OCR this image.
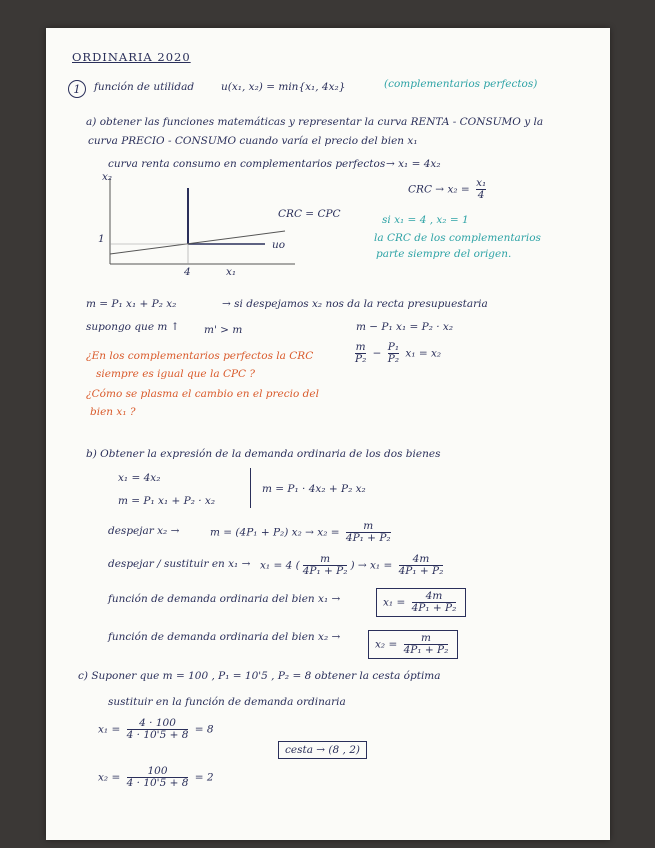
ORDINARIA 2020
1	función de utilidad	u(x₁, x₂) = min{x₁, 4x₂}	(complementarios perfectos)
a) obtener las funciones matemáticas y representar la curva RENTA - CONSUMO y la
curva PRECIO - CONSUMO cuando varía el precio del bien x₁
curva renta consumo en complementarios perfectos → x₁ = 4x₂
CRC → $x_2 = \frac{\text{x₁}}{4}$
x₂
x₁
1
4
CRC = CPC
uo
si x₁ = 4 , x₂ = 1
la CRC de los complementarios
parte siempre del origen.
m = P₁ x₁ + P₂ x₂	→ si despejamos x₂ nos da la recta presupuestaria
supongo que m ↑ m' > m	m − P₁ x₁ = P₂ · x₂
$\frac{m}{\text{P₂}} - \frac{\text{P₁}}{\text{P₂}} x_1 = x_2$
¿En los complementarios perfectos la CRC
siempre es igual que la CPC ?
¿Cómo se plasma el cambio en el precio del
bien x₁ ?
b) Obtener la expresión de la demanda ordinaria de los dos bienes
x₁ = 4x₂
m = P₁ x₁ + P₂ · x₂
m = P₁ · 4x₂ + P₂ x₂
despejar x₂ →	m = (4P₁ + P₂) $x_2 \to x_2 = \frac{m}{\text{4P₁ + P₂}}$
despejar / sustituir en x₁ → x₁ = 4 ( $\frac{m}{\text{4P₁ + P₂}}$ ) → $x_1 = \frac{4m}{\text{4P₁ + P₂}}$
función de demanda ordinaria del bien x₁ →	$x_1 = \frac{4m}{\text{4P₁ + P₂}}$
función de demanda ordinaria del bien x₂ →
$x_2 = \frac{m}{\text{4P₁ + P₂}}$
c) Suponer que m = 100 , P₁ = 10'5 , P₂ = 8 obtener la cesta óptima
sustituir en la función de demanda ordinaria
$x_1 = \frac{4 \cdot 100}{4 \cdot 10'5 + 8} = 8$
cesta → (8 , 2)
$x_2 = \frac{100}{4 \cdot 10'5 + 8} = 2$
